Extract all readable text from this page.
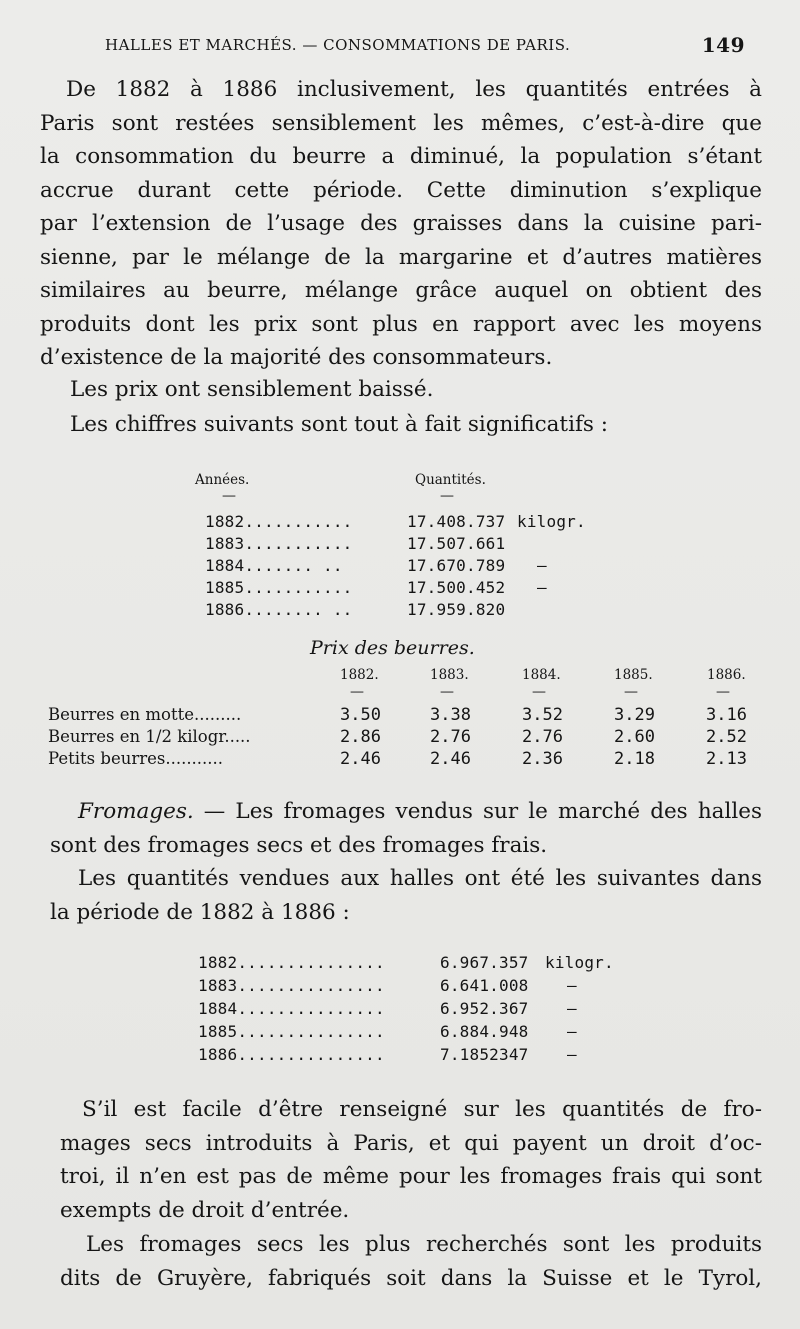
HALLES ET MARCHÉS. — CONSOMMATIONS DE PARIS.	149
De 1882 à 1886 inclusivement, les quantités entrées à
Paris sont restées sensiblement les mêmes, c’est-à-dire que
la consommation du beurre a diminué, la population s’étant
accrue durant cette période. Cette diminution s’explique
par l’extension de l’usage des graisses dans la cuisine pari-
sienne, par le mélange de la margarine et d’autres matières
similaires au beurre, mélange grâce auquel on obtient des
produits dont les prix sont plus en rapport avec les moyens
d’existence de la majorité des consommateurs.
Les prix ont sensiblement baissé.
Les chiffres suivants sont tout à fait significatifs :
Années.	Quantités.
—	—
1882...........	17.408.737 kilogr.
1883...........	17.507.661
1884....... ..	17.670.789 —
1885...........	17.500.452 —
1886........ ..	17.959.820
Prix des beurres.
1882.	1883.	1884.	1885.	1886.
—	—	—	—	—
Beurres en motte.........	3.50	3.38	3.52	3.29	3.16
Beurres en 1/2 kilogr.....	2.86	2.76	2.76	2.60	2.52
Petits beurres...........	2.46	2.46	2.36	2.18	2.13
Fromages. — Les fromages vendus sur le marché des halles
sont des fromages secs et des fromages frais.
Les quantités vendues aux halles ont été les suivantes dans
la période de 1882 à 1886 :
1882...............	6.967.357 kilogr.
1883...............	6.641.008 —
1884...............	6.952.367 —
1885...............	6.884.948 —
1886...............	7.1852347 —
S’il est facile d’être renseigné sur les quantités de fro-
mages secs introduits à Paris, et qui payent un droit d’oc-
troi, il n’en est pas de même pour les fromages frais qui sont
exempts de droit d’entrée.
Les fromages secs les plus recherchés sont les produits
dits de Gruyère, fabriqués soit dans la Suisse et le Tyrol,
